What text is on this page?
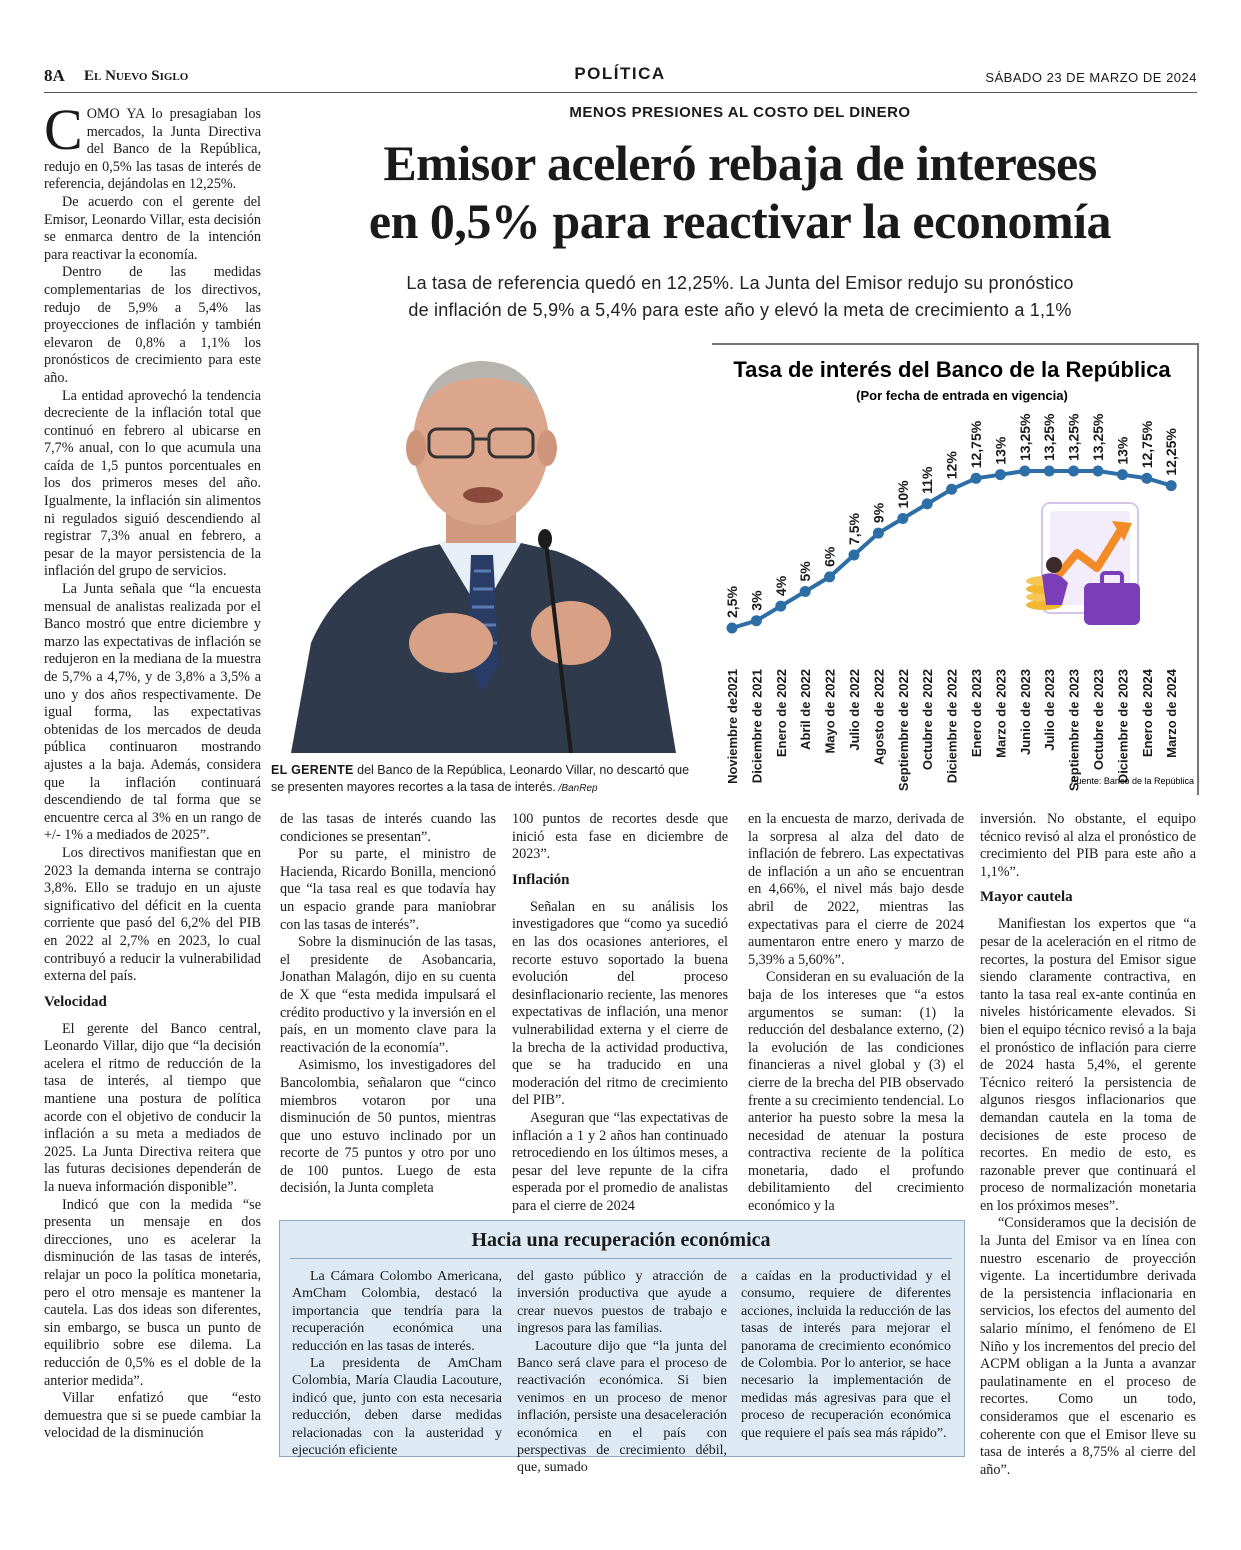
8A El Nuevo Siglo	POLÍTICA	SÁBADO 23 DE MARZO DE 2024
MENOS PRESIONES AL COSTO DEL DINERO
Emisor aceleró rebaja de intereses
en 0,5% para reactivar la economía
La tasa de referencia quedó en 12,25%. La Junta del Emisor redujo su pronóstico
de inflación de 5,9% a 5,4% para este año y elevó la meta de crecimiento a 1,1%

COMO YA lo presagiaban los mercados, la Junta Directiva del Banco de la República, redujo en 0,5% las tasas de interés de referencia, dejándolas en 12,25%.

De acuerdo con el gerente del Emisor, Leonardo Villar, esta decisión se enmarca dentro de la intención para reactivar la economía.

Dentro de las medidas complementarias de los directivos, redujo de 5,9% a 5,4% las proyecciones de inflación y también elevaron de 0,8% a 1,1% los pronósticos de crecimiento para este año.

La entidad aprovechó la tendencia decreciente de la inflación total que continuó en febrero al ubicarse en 7,7% anual, con lo que acumula una caída de 1,5 puntos porcentuales en los dos primeros meses del año. Igualmente, la inflación sin alimentos ni regulados siguió descendiendo al registrar 7,3% anual en febrero, a pesar de la mayor persistencia de la inflación del grupo de servicios.

La Junta señala que “la encuesta mensual de analistas realizada por el Banco mostró que entre diciembre y marzo las expectativas de inflación se redujeron en la mediana de la muestra de 5,7% a 4,7%, y de 3,8% a 3,5% a uno y dos años respectivamente. De igual forma, las expectativas obtenidas de los mercados de deuda pública continuaron mostrando ajustes a la baja. Además, considera que la inflación continuará descendiendo de tal forma que se encuentre cerca al 3% en un rango de +/- 1% a mediados de 2025”.

Los directivos manifiestan que en 2023 la demanda interna se contrajo 3,8%. Ello se tradujo en un ajuste significativo del déficit en la cuenta corriente que pasó del 6,2% del PIB en 2022 al 2,7% en 2023, lo cual contribuyó a reducir la vulnerabilidad externa del país.

Velocidad

El gerente del Banco central, Leonardo Villar, dijo que “la decisión acelera el ritmo de reducción de la tasa de interés, al tiempo que mantiene una postura de política acorde con el objetivo de conducir la inflación a su meta a mediados de 2025. La Junta Directiva reitera que las futuras decisiones dependerán de la nueva información disponible”.

Indicó que con la medida “se presenta un mensaje en dos direcciones, uno es acelerar la disminución de las tasas de interés, relajar un poco la política monetaria, pero el otro mensaje es mantener la cautela. Las dos ideas son diferentes, sin embargo, se busca un punto de equilibrio sobre ese dilema. La reducción de 0,5% es el doble de la anterior medida”.

Villar enfatizó que “esto demuestra que si se puede cambiar la velocidad de la disminución

EL GERENTE del Banco de la República, Leonardo Villar, no descartó que se presenten mayores recortes a la tasa de interés. /BanRep
Tasa de interés del Banco de la República
(Por fecha de entrada en vigencia)
2,5% 3%
4%
5%
6%
7,5%
9%
10%
11%
12% 12,75% 13% 13,25% 13,25% 13,25% 13,25% 13% 12,75% 12,25%
Noviembre de2021 Diciembre de 2021 Enero de 2022 Abril de 2022 Mayo de 2022 Julio de 2022 Agosto de 2022 Septiembre de 2022 Octubre de 2022 Diciembre de 2022 Enero de 2023 Marzo de 2023 Junio de 2023 Julio de 2023 Septiembre de 2023 Octubre de 2023 Diciembre de 2023 Enero de 2024 Marzo de 2024
Fuente: Banco de la República

de las tasas de interés cuando las condiciones se presentan”.

Por su parte, el ministro de Hacienda, Ricardo Bonilla, mencionó que “la tasa real es que todavía hay un espacio grande para maniobrar con las tasas de interés”.

Sobre la disminución de las tasas, el presidente de Asobancaria, Jonathan Malagón, dijo en su cuenta de X que “esta medida impulsará el crédito productivo y la inversión en el país, en un momento clave para la reactivación de la economía”.

Asimismo, los investigadores del Bancolombia, señalaron que “cinco miembros votaron por una disminución de 50 puntos, mientras que uno estuvo inclinado por un recorte de 75 puntos y otro por uno de 100 puntos. Luego de esta decisión, la Junta completa

100 puntos de recortes desde que inició esta fase en diciembre de 2023”.

Inflación

Señalan en su análisis los investigadores que “como ya sucedió en las dos ocasiones anteriores, el recorte estuvo soportado la buena evolución del proceso desinflacionario reciente, las menores expectativas de inflación, una menor vulnerabilidad externa y el cierre de la brecha de la actividad productiva, que se ha traducido en una moderación del ritmo de crecimiento del PIB”.

Aseguran que “las expectativas de inflación a 1 y 2 años han continuado retrocediendo en los últimos meses, a pesar del leve repunte de la cifra esperada por el promedio de analistas para el cierre de 2024

en la encuesta de marzo, derivada de la sorpresa al alza del dato de inflación de febrero. Las expectativas de inflación a un año se encuentran en 4,66%, el nivel más bajo desde abril de 2022, mientras las expectativas para el cierre de 2024 aumentaron entre enero y marzo de 5,39% a 5,60%”.

Consideran en su evaluación de la baja de los intereses que “a estos argumentos se suman: (1) la reducción del desbalance externo, (2) la evolución de las condiciones financieras a nivel global y (3) el cierre de la brecha del PIB observado frente a su crecimiento tendencial. Lo anterior ha puesto sobre la mesa la necesidad de atenuar la postura contractiva reciente de la política monetaria, dado el profundo debilitamiento del crecimiento económico y la

inversión. No obstante, el equipo técnico revisó al alza el pronóstico de crecimiento del PIB para este año a 1,1%”.

Mayor cautela

Manifiestan los expertos que “a pesar de la aceleración en el ritmo de recortes, la postura del Emisor sigue siendo claramente contractiva, en tanto la tasa real ex-ante continúa en niveles históricamente elevados. Si bien el equipo técnico revisó a la baja el pronóstico de inflación para cierre de 2024 hasta 5,4%, el gerente Técnico reiteró la persistencia de algunos riesgos inflacionarios que demandan cautela en la toma de decisiones de este proceso de recortes. En medio de esto, es razonable prever que continuará el proceso de normalización monetaria en los próximos meses”.

“Consideramos que la decisión de la Junta del Emisor va en línea con nuestro escenario de proyección vigente. La incertidumbre derivada de la persistencia inflacionaria en servicios, los efectos del aumento del salario mínimo, el fenómeno de El Niño y los incrementos del precio del ACPM obligan a la Junta a avanzar paulatinamente en el proceso de recortes. Como un todo, consideramos que el escenario es coherente con que el Emisor lleve su tasa de interés a 8,75% al cierre del año”.

Hacia una recuperación económica

La Cámara Colombo Americana, AmCham Colombia, destacó la importancia que tendría para la recuperación económica una reducción en las tasas de interés.

La presidenta de AmCham Colombia, María Claudia Lacouture, indicó que, junto con esta necesaria reducción, deben darse medidas relacionadas con la austeridad y ejecución eficiente

del gasto público y atracción de inversión productiva que ayude a crear nuevos puestos de trabajo e ingresos para las familias.

Lacouture dijo que “la junta del Banco será clave para el proceso de reactivación económica. Si bien venimos en un proceso de menor inflación, persiste una desaceleración económica en el país con perspectivas de crecimiento débil, que, sumado

a caídas en la productividad y el consumo, requiere de diferentes acciones, incluida la reducción de las tasas de interés para mejorar el panorama de crecimiento económico de Colombia. Por lo anterior, se hace necesario la implementación de medidas más agresivas para que el proceso de recuperación económica que requiere el país sea más rápido”.
